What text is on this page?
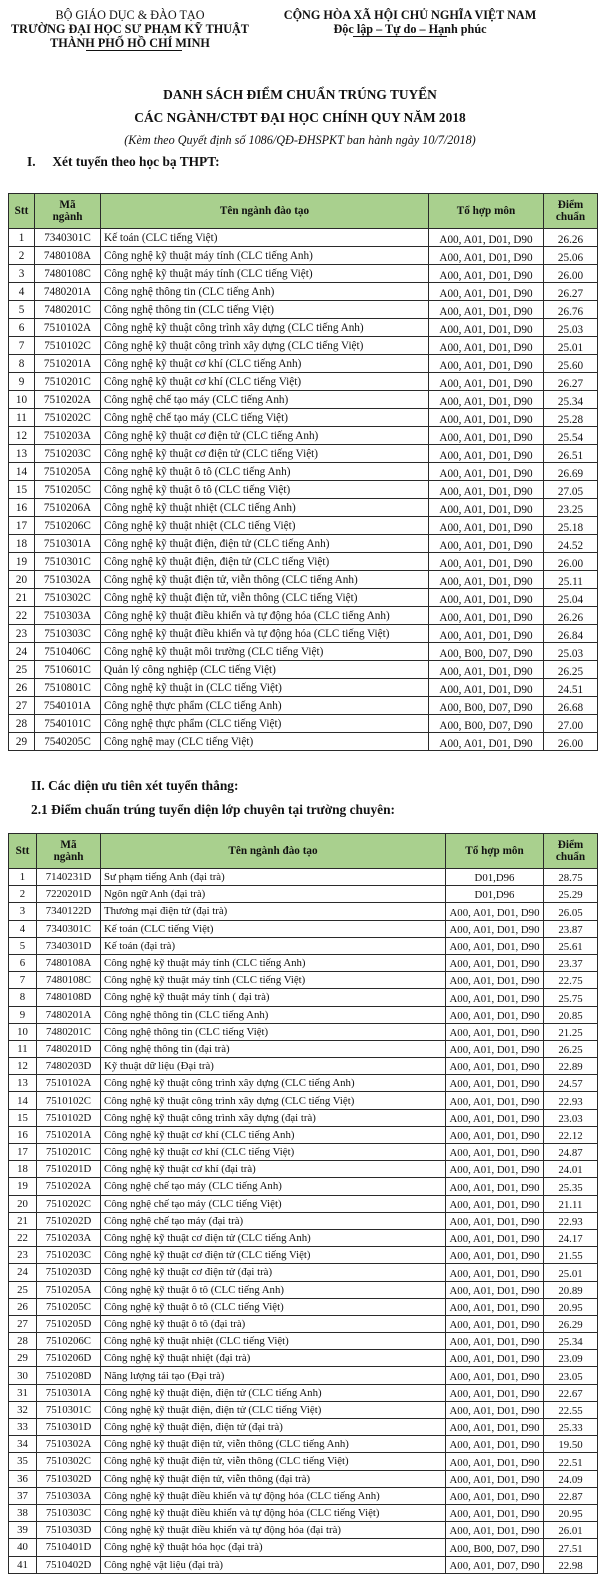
BỘ GIÁO DỤC & ĐÀO TẠO
TRƯỜNG ĐẠI HỌC SƯ PHẠM KỸ THUẬT
THÀNH PHỐ HỒ CHÍ MINH
CỘNG HÒA XÃ HỘI CHỦ NGHĨA VIỆT NAM
Độc lập – Tự do – Hạnh phúc
DANH SÁCH ĐIỂM CHUẨN TRÚNG TUYỂN
CÁC NGÀNH/CTĐT ĐẠI HỌC CHÍNH QUY NĂM 2018
(Kèm theo Quyết định số 1086/QĐ-ĐHSPKT ban hành ngày 10/7/2018)
I. Xét tuyển theo học bạ THPT:
Stt	Mã
ngành	Tên ngành đào tạo	Tổ hợp môn	Điểm
chuẩn
1	7340301C	Kế toán (CLC tiếng Việt)	A00, A01, D01, D90	26.26
2	7480108A	Công nghệ kỹ thuật máy tính (CLC tiếng Anh)	A00, A01, D01, D90	25.06
3	7480108C	Công nghệ kỹ thuật máy tính (CLC tiếng Việt)	A00, A01, D01, D90	26.00
4	7480201A	Công nghệ thông tin (CLC tiếng Anh)	A00, A01, D01, D90	26.27
5	7480201C	Công nghệ thông tin (CLC tiếng Việt)	A00, A01, D01, D90	26.76
6	7510102A	Công nghệ kỹ thuật công trình xây dựng (CLC tiếng Anh)	A00, A01, D01, D90	25.03
7	7510102C	Công nghệ kỹ thuật công trình xây dựng (CLC tiếng Việt)	A00, A01, D01, D90	25.01
8	7510201A	Công nghệ kỹ thuật cơ khí (CLC tiếng Anh)	A00, A01, D01, D90	25.60
9	7510201C	Công nghệ kỹ thuật cơ khí (CLC tiếng Việt)	A00, A01, D01, D90	26.27
10	7510202A	Công nghệ chế tạo máy (CLC tiếng Anh)	A00, A01, D01, D90	25.34
11	7510202C	Công nghệ chế tạo máy (CLC tiếng Việt)	A00, A01, D01, D90	25.28
12	7510203A	Công nghệ kỹ thuật cơ điện tử (CLC tiếng Anh)	A00, A01, D01, D90	25.54
13	7510203C	Công nghệ kỹ thuật cơ điện tử (CLC tiếng Việt)	A00, A01, D01, D90	26.51
14	7510205A	Công nghệ kỹ thuật ô tô (CLC tiếng Anh)	A00, A01, D01, D90	26.69
15	7510205C	Công nghệ kỹ thuật ô tô (CLC tiếng Việt)	A00, A01, D01, D90	27.05
16	7510206A	Công nghệ kỹ thuật nhiệt (CLC tiếng Anh)	A00, A01, D01, D90	23.25
17	7510206C	Công nghệ kỹ thuật nhiệt (CLC tiếng Việt)	A00, A01, D01, D90	25.18
18	7510301A	Công nghệ kỹ thuật điện, điện tử (CLC tiếng Anh)	A00, A01, D01, D90	24.52
19	7510301C	Công nghệ kỹ thuật điện, điện tử (CLC tiếng Việt)	A00, A01, D01, D90	26.00
20	7510302A	Công nghệ kỹ thuật điện tử, viễn thông (CLC tiếng Anh)	A00, A01, D01, D90	25.11
21	7510302C	Công nghệ kỹ thuật điện tử, viễn thông (CLC tiếng Việt)	A00, A01, D01, D90	25.04
22	7510303A	Công nghệ kỹ thuật điều khiển và tự động hóa (CLC tiếng Anh)	A00, A01, D01, D90	26.26
23	7510303C	Công nghệ kỹ thuật điều khiển và tự động hóa (CLC tiếng Việt)	A00, A01, D01, D90	26.84
24	7510406C	Công nghệ kỹ thuật môi trường (CLC tiếng Việt)	A00, B00, D07, D90	25.03
25	7510601C	Quản lý công nghiệp (CLC tiếng Việt)	A00, A01, D01, D90	26.25
26	7510801C	Công nghệ kỹ thuật in (CLC tiếng Việt)	A00, A01, D01, D90	24.51
27	7540101A	Công nghệ thực phẩm (CLC tiếng Anh)	A00, B00, D07, D90	26.68
28	7540101C	Công nghệ thực phẩm (CLC tiếng Việt)	A00, B00, D07, D90	27.00
29	7540205C	Công nghệ may (CLC tiếng Việt)	A00, A01, D01, D90	26.00
II. Các diện ưu tiên xét tuyển thẳng:
2.1 Điểm chuẩn trúng tuyển diện lớp chuyên tại trường chuyên:
Stt	Mã
ngành	Tên ngành đào tạo	Tổ hợp môn	Điểm
chuẩn
1	7140231D	Sư phạm tiếng Anh (đại trà)	D01,D96	28.75
2	7220201D	Ngôn ngữ Anh (đại trà)	D01,D96	25.29
3	7340122D	Thương mại điện tử (đại trà)	A00, A01, D01, D90	26.05
4	7340301C	Kế toán (CLC tiếng Việt)	A00, A01, D01, D90	23.87
5	7340301D	Kế toán (đại trà)	A00, A01, D01, D90	25.61
6	7480108A	Công nghệ kỹ thuật máy tính (CLC tiếng Anh)	A00, A01, D01, D90	23.37
7	7480108C	Công nghệ kỹ thuật máy tính (CLC tiếng Việt)	A00, A01, D01, D90	22.75
8	7480108D	Công nghệ kỹ thuật máy tính ( đại trà)	A00, A01, D01, D90	25.75
9	7480201A	Công nghệ thông tin (CLC tiếng Anh)	A00, A01, D01, D90	20.85
10	7480201C	Công nghệ thông tin (CLC tiếng Việt)	A00, A01, D01, D90	21.25
11	7480201D	Công nghệ thông tin (đại trà)	A00, A01, D01, D90	26.25
12	7480203D	Kỹ thuật dữ liệu (Đại trà)	A00, A01, D01, D90	22.89
13	7510102A	Công nghệ kỹ thuật công trình xây dựng (CLC tiếng Anh)	A00, A01, D01, D90	24.57
14	7510102C	Công nghệ kỹ thuật công trình xây dựng (CLC tiếng Việt)	A00, A01, D01, D90	22.93
15	7510102D	Công nghệ kỹ thuật công trình xây dựng (đại trà)	A00, A01, D01, D90	23.03
16	7510201A	Công nghệ kỹ thuật cơ khí (CLC tiếng Anh)	A00, A01, D01, D90	22.12
17	7510201C	Công nghệ kỹ thuật cơ khí (CLC tiếng Việt)	A00, A01, D01, D90	24.87
18	7510201D	Công nghệ kỹ thuật cơ khí (đại trà)	A00, A01, D01, D90	24.01
19	7510202A	Công nghệ chế tạo máy (CLC tiếng Anh)	A00, A01, D01, D90	25.35
20	7510202C	Công nghệ chế tạo máy (CLC tiếng Việt)	A00, A01, D01, D90	21.11
21	7510202D	Công nghệ chế tạo máy (đại trà)	A00, A01, D01, D90	22.93
22	7510203A	Công nghệ kỹ thuật cơ điện tử (CLC tiếng Anh)	A00, A01, D01, D90	24.17
23	7510203C	Công nghệ kỹ thuật cơ điện tử (CLC tiếng Việt)	A00, A01, D01, D90	21.55
24	7510203D	Công nghệ kỹ thuật cơ điện tử (đại trà)	A00, A01, D01, D90	25.01
25	7510205A	Công nghệ kỹ thuật ô tô (CLC tiếng Anh)	A00, A01, D01, D90	20.89
26	7510205C	Công nghệ kỹ thuật ô tô (CLC tiếng Việt)	A00, A01, D01, D90	20.95
27	7510205D	Công nghệ kỹ thuật ô tô (đại trà)	A00, A01, D01, D90	26.29
28	7510206C	Công nghệ kỹ thuật nhiệt (CLC tiếng Việt)	A00, A01, D01, D90	25.34
29	7510206D	Công nghệ kỹ thuật nhiệt (đại trà)	A00, A01, D01, D90	23.09
30	7510208D	Năng lượng tái tạo (Đại trà)	A00, A01, D01, D90	23.05
31	7510301A	Công nghệ kỹ thuật điện, điện tử (CLC tiếng Anh)	A00, A01, D01, D90	22.67
32	7510301C	Công nghệ kỹ thuật điện, điện tử (CLC tiếng Việt)	A00, A01, D01, D90	22.55
33	7510301D	Công nghệ kỹ thuật điện, điện tử (đại trà)	A00, A01, D01, D90	25.33
34	7510302A	Công nghệ kỹ thuật điện tử, viễn thông (CLC tiếng Anh)	A00, A01, D01, D90	19.50
35	7510302C	Công nghệ kỹ thuật điện tử, viễn thông (CLC tiếng Việt)	A00, A01, D01, D90	22.51
36	7510302D	Công nghệ kỹ thuật điện tử, viễn thông (đại trà)	A00, A01, D01, D90	24.09
37	7510303A	Công nghệ kỹ thuật điều khiển và tự động hóa (CLC tiếng Anh)	A00, A01, D01, D90	22.87
38	7510303C	Công nghệ kỹ thuật điều khiển và tự động hóa (CLC tiếng Việt)	A00, A01, D01, D90	20.95
39	7510303D	Công nghệ kỹ thuật điều khiển và tự động hóa (đại trà)	A00, A01, D01, D90	26.01
40	7510401D	Công nghệ kỹ thuật hóa học (đại trà)	A00, B00, D07, D90	27.51
41	7510402D	Công nghệ vật liệu (đại trà)	A00, A01, D07, D90	22.98
